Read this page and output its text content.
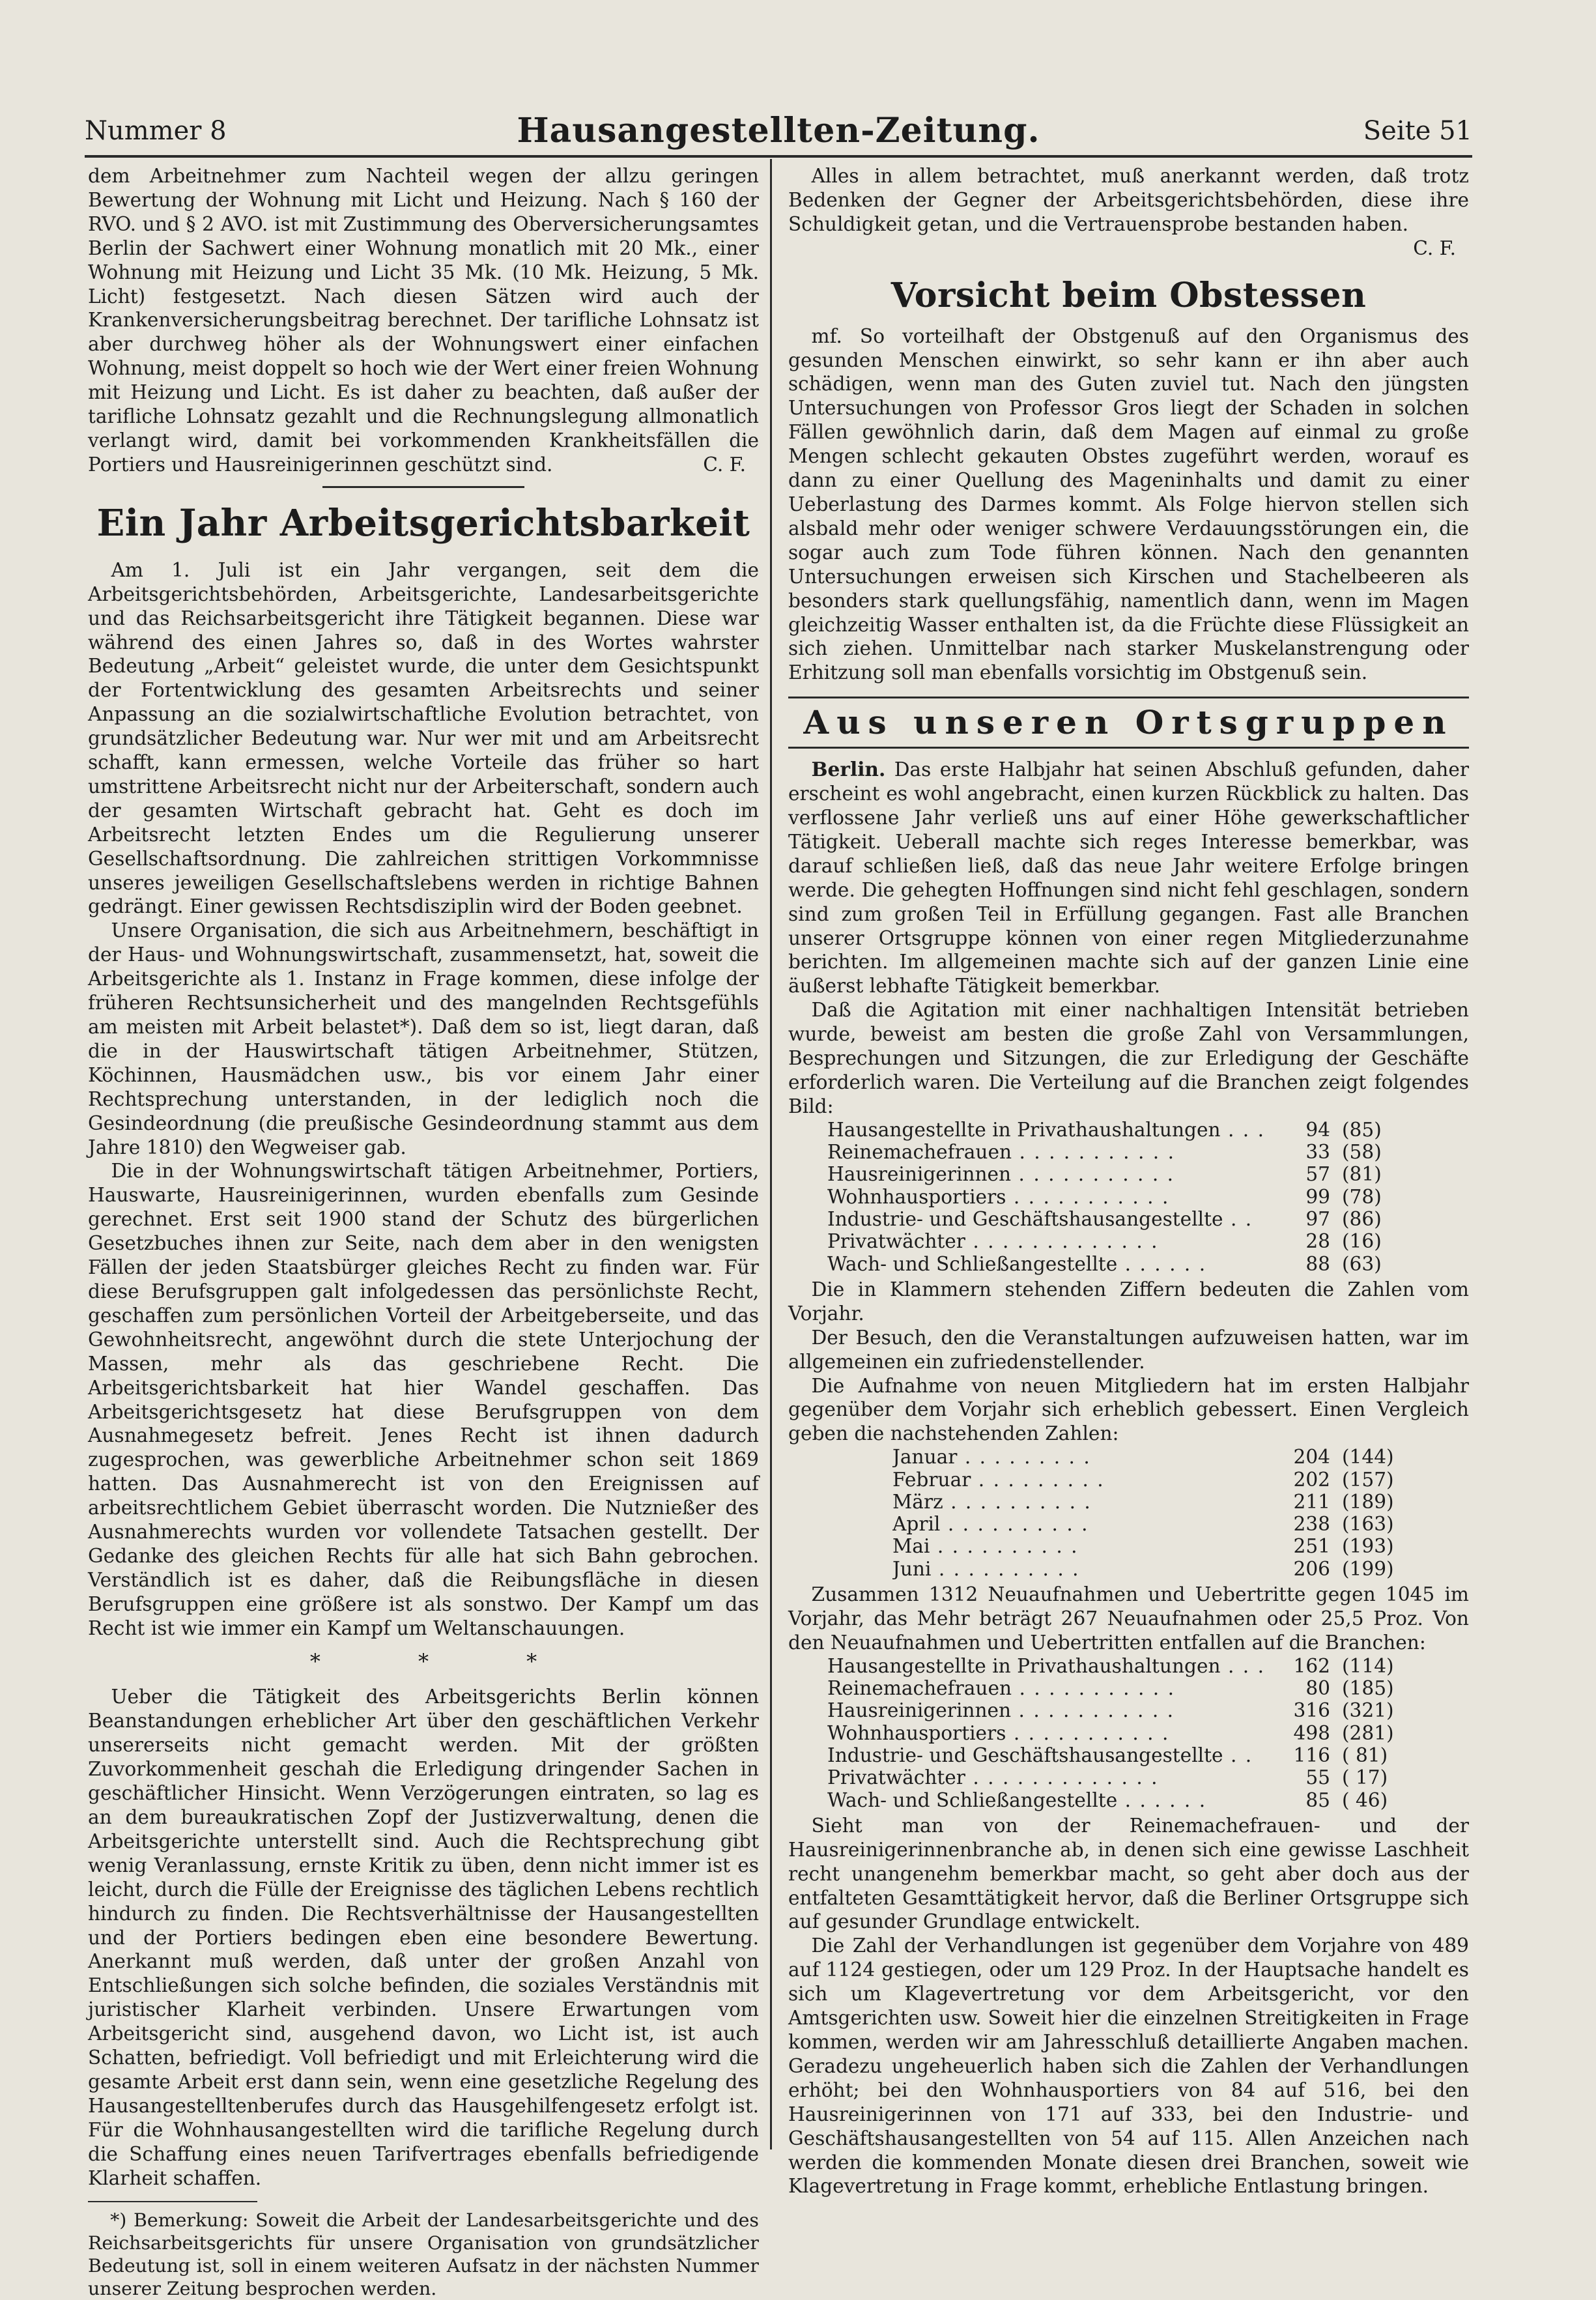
Nummer 8	Hausangestellten-Zeitung.	Seite 51

dem Arbeitnehmer zum Nachteil wegen der allzu geringen Bewertung der Wohnung mit Licht und Heizung. Nach § 160 der RVO. und § 2 AVO. ist mit Zustimmung des Oberversicherungsamtes Berlin der Sachwert einer Wohnung monatlich mit 20 Mk., einer Wohnung mit Heizung und Licht 35 Mk. (10 Mk. Heizung, 5 Mk. Licht) festgesetzt. Nach diesen Sätzen wird auch der Krankenversicherungsbeitrag berechnet. Der tarifliche Lohnsatz ist aber durchweg höher als der Wohnungswert einer einfachen Wohnung, meist doppelt so hoch wie der Wert einer freien Wohnung mit Heizung und Licht. Es ist daher zu beachten, daß außer der tarifliche Lohnsatz gezahlt und die Rechnungslegung allmonatlich verlangt wird, damit bei vorkommenden Krankheitsfällen die Portiers und Hausreinigerinnen geschützt sind.	C. F.

Ein Jahr Arbeitsgerichtsbarkeit

Am 1. Juli ist ein Jahr vergangen, seit dem die Arbeitsgerichtsbehörden, Arbeitsgerichte, Landesarbeitsgerichte und das Reichsarbeitsgericht ihre Tätigkeit begannen. Diese war während des einen Jahres so, daß in des Wortes wahrster Bedeutung „Arbeit“ geleistet wurde, die unter dem Gesichtspunkt der Fortentwicklung des gesamten Arbeitsrechts und seiner Anpassung an die sozialwirtschaftliche Evolution betrachtet, von grundsätzlicher Bedeutung war. Nur wer mit und am Arbeitsrecht schafft, kann ermessen, welche Vorteile das früher so hart umstrittene Arbeitsrecht nicht nur der Arbeiterschaft, sondern auch der gesamten Wirtschaft gebracht hat. Geht es doch im Arbeitsrecht letzten Endes um die Regulierung unserer Gesellschaftsordnung. Die zahlreichen strittigen Vorkommnisse unseres jeweiligen Gesellschaftslebens werden in richtige Bahnen gedrängt. Einer gewissen Rechtsdisziplin wird der Boden geebnet.

Unsere Organisation, die sich aus Arbeitnehmern, beschäftigt in der Haus- und Wohnungswirtschaft, zusammensetzt, hat, soweit die Arbeitsgerichte als 1. Instanz in Frage kommen, diese infolge der früheren Rechtsunsicherheit und des mangelnden Rechtsgefühls am meisten mit Arbeit belastet*). Daß dem so ist, liegt daran, daß die in der Hauswirtschaft tätigen Arbeitnehmer, Stützen, Köchinnen, Hausmädchen usw., bis vor einem Jahr einer Rechtsprechung unterstanden, in der lediglich noch die Gesindeordnung (die preußische Gesindeordnung stammt aus dem Jahre 1810) den Wegweiser gab.

Die in der Wohnungswirtschaft tätigen Arbeitnehmer, Portiers, Hauswarte, Hausreinigerinnen, wurden ebenfalls zum Gesinde gerechnet. Erst seit 1900 stand der Schutz des bürgerlichen Gesetzbuches ihnen zur Seite, nach dem aber in den wenigsten Fällen der jeden Staatsbürger gleiches Recht zu finden war. Für diese Berufsgruppen galt infolgedessen das persönlichste Recht, geschaffen zum persönlichen Vorteil der Arbeitgeberseite, und das Gewohnheitsrecht, angewöhnt durch die stete Unterjochung der Massen, mehr als das geschriebene Recht. Die Arbeitsgerichtsbarkeit hat hier Wandel geschaffen. Das Arbeitsgerichtsgesetz hat diese Berufsgruppen von dem Ausnahmegesetz befreit. Jenes Recht ist ihnen dadurch zugesprochen, was gewerbliche Arbeitnehmer schon seit 1869 hatten. Das Ausnahmerecht ist von den Ereignissen auf arbeitsrechtlichem Gebiet überrascht worden. Die Nutznießer des Ausnahmerechts wurden vor vollendete Tatsachen gestellt. Der Gedanke des gleichen Rechts für alle hat sich Bahn gebrochen. Verständlich ist es daher, daß die Reibungsfläche in diesen Berufsgruppen eine größere ist als sonstwo. Der Kampf um das Recht ist wie immer ein Kampf um Weltanschauungen.

* * *

Ueber die Tätigkeit des Arbeitsgerichts Berlin können Beanstandungen erheblicher Art über den geschäftlichen Verkehr unsererseits nicht gemacht werden. Mit der größten Zuvorkommenheit geschah die Erledigung dringender Sachen in geschäftlicher Hinsicht. Wenn Verzögerungen eintraten, so lag es an dem bureaukratischen Zopf der Justizverwaltung, denen die Arbeitsgerichte unterstellt sind. Auch die Rechtsprechung gibt wenig Veranlassung, ernste Kritik zu üben, denn nicht immer ist es leicht, durch die Fülle der Ereignisse des täglichen Lebens rechtlich hindurch zu finden. Die Rechtsverhältnisse der Hausangestellten und der Portiers bedingen eben eine besondere Bewertung. Anerkannt muß werden, daß unter der großen Anzahl von Entschließungen sich solche befinden, die soziales Verständnis mit juristischer Klarheit verbinden. Unsere Erwartungen vom Arbeitsgericht sind, ausgehend davon, wo Licht ist, ist auch Schatten, befriedigt. Voll befriedigt und mit Erleichterung wird die gesamte Arbeit erst dann sein, wenn eine gesetzliche Regelung des Hausangestelltenberufes durch das Hausgehilfengesetz erfolgt ist. Für die Wohnhausangestellten wird die tarifliche Regelung durch die Schaffung eines neuen Tarifvertrages ebenfalls befriedigende Klarheit schaffen.

*) Bemerkung: Soweit die Arbeit der Landesarbeitsgerichte und des Reichsarbeitsgerichts für unsere Organisation von grundsätzlicher Bedeutung ist, soll in einem weiteren Aufsatz in der nächsten Nummer unserer Zeitung besprochen werden.

Alles in allem betrachtet, muß anerkannt werden, daß trotz Bedenken der Gegner der Arbeitsgerichtsbehörden, diese ihre Schuldigkeit getan, und die Vertrauensprobe bestanden haben.
C. F.

Vorsicht beim Obstessen

mf. So vorteilhaft der Obstgenuß auf den Organismus des gesunden Menschen einwirkt, so sehr kann er ihn aber auch schädigen, wenn man des Guten zuviel tut. Nach den jüngsten Untersuchungen von Professor Gros liegt der Schaden in solchen Fällen gewöhnlich darin, daß dem Magen auf einmal zu große Mengen schlecht gekauten Obstes zugeführt werden, worauf es dann zu einer Quellung des Mageninhalts und damit zu einer Ueberlastung des Darmes kommt. Als Folge hiervon stellen sich alsbald mehr oder weniger schwere Verdauungsstörungen ein, die sogar auch zum Tode führen können. Nach den genannten Untersuchungen erweisen sich Kirschen und Stachelbeeren als besonders stark quellungsfähig, namentlich dann, wenn im Magen gleichzeitig Wasser enthalten ist, da die Früchte diese Flüssigkeit an sich ziehen. Unmittelbar nach starker Muskelanstrengung oder Erhitzung soll man ebenfalls vorsichtig im Obstgenuß sein.

Aus unseren Ortsgruppen

Berlin. Das erste Halbjahr hat seinen Abschluß gefunden, daher erscheint es wohl angebracht, einen kurzen Rückblick zu halten. Das verflossene Jahr verließ uns auf einer Höhe gewerkschaftlicher Tätigkeit. Ueberall machte sich reges Interesse bemerkbar, was darauf schließen ließ, daß das neue Jahr weitere Erfolge bringen werde. Die gehegten Hoffnungen sind nicht fehl geschlagen, sondern sind zum großen Teil in Erfüllung gegangen. Fast alle Branchen unserer Ortsgruppe können von einer regen Mitgliederzunahme berichten. Im allgemeinen machte sich auf der ganzen Linie eine äußerst lebhafte Tätigkeit bemerkbar.

Daß die Agitation mit einer nachhaltigen Intensität betrieben wurde, beweist am besten die große Zahl von Versammlungen, Besprechungen und Sitzungen, die zur Erledigung der Geschäfte erforderlich waren. Die Verteilung auf die Branchen zeigt folgendes Bild:

Hausangestellte in Privathaushaltungen . . .	94	(85)
Reinemachefrauen . . . . . . . . . . .	33	(58)
Hausreinigerinnen . . . . . . . . . . .	57	(81)
Wohnhausportiers . . . . . . . . . . .	99	(78)
Industrie- und Geschäftshausangestellte . .	97	(86)
Privatwächter . . . . . . . . . . . . .	28	(16)
Wach- und Schließangestellte . . . . . .	88	(63)

Die in Klammern stehenden Ziffern bedeuten die Zahlen vom Vorjahr.

Der Besuch, den die Veranstaltungen aufzuweisen hatten, war im allgemeinen ein zufriedenstellender.

Die Aufnahme von neuen Mitgliedern hat im ersten Halbjahr gegenüber dem Vorjahr sich erheblich gebessert. Einen Vergleich geben die nachstehenden Zahlen:

Januar . . . . . . . . .	204	(144)
Februar . . . . . . . . .	202	(157)
März . . . . . . . . . .	211	(189)
April . . . . . . . . . .	238	(163)
Mai . . . . . . . . . .	251	(193)
Juni . . . . . . . . . .	206	(199)

Zusammen 1312 Neuaufnahmen und Uebertritte gegen 1045 im Vorjahr, das Mehr beträgt 267 Neuaufnahmen oder 25,5 Proz. Von den Neuaufnahmen und Uebertritten entfallen auf die Branchen:

Hausangestellte in Privathaushaltungen . . .	162	(114)
Reinemachefrauen . . . . . . . . . . .	80	(185)
Hausreinigerinnen . . . . . . . . . . .	316	(321)
Wohnhausportiers . . . . . . . . . . .	498	(281)
Industrie- und Geschäftshausangestellte . .	116	( 81)
Privatwächter . . . . . . . . . . . . .	55	( 17)
Wach- und Schließangestellte . . . . . .	85	( 46)

Sieht man von der Reinemachefrauen- und der Hausreinigerinnenbranche ab, in denen sich eine gewisse Laschheit recht unangenehm bemerkbar macht, so geht aber doch aus der entfalteten Gesamttätigkeit hervor, daß die Berliner Ortsgruppe sich auf gesunder Grundlage entwickelt.

Die Zahl der Verhandlungen ist gegenüber dem Vorjahre von 489 auf 1124 gestiegen, oder um 129 Proz. In der Hauptsache handelt es sich um Klagevertretung vor dem Arbeitsgericht, vor den Amtsgerichten usw. Soweit hier die einzelnen Streitigkeiten in Frage kommen, werden wir am Jahresschluß detaillierte Angaben machen. Geradezu ungeheuerlich haben sich die Zahlen der Verhandlungen erhöht; bei den Wohnhausportiers von 84 auf 516, bei den Hausreinigerinnen von 171 auf 333, bei den Industrie- und Geschäftshausangestellten von 54 auf 115. Allen Anzeichen nach werden die kommenden Monate diesen drei Branchen, soweit wie Klagevertretung in Frage kommt, erhebliche Entlastung bringen.
